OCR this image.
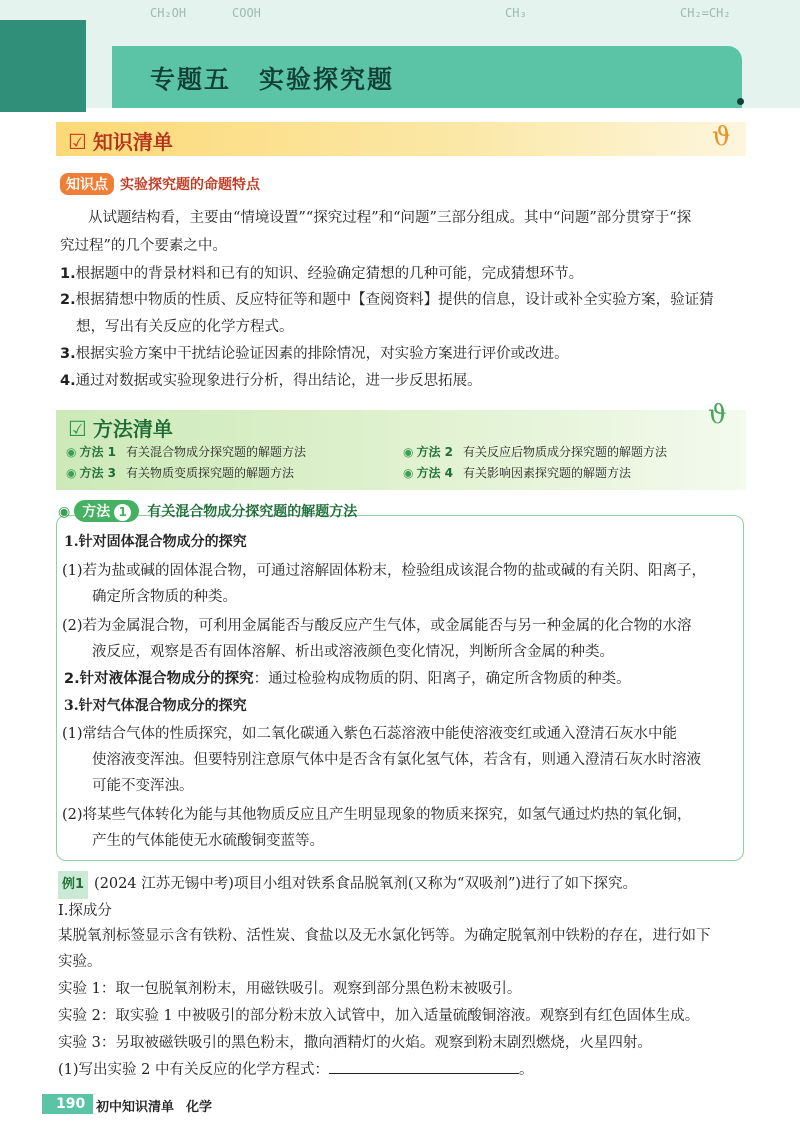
CH₂OH	COOH	CH₃	CH₂=CH₂
专题五 实验探究题
☑ 知识清单	ϑ
知识点 实验探究题的命题特点
从试题结构看，主要由“情境设置”“探究过程”和“问题”三部分组成。其中“问题”部分贯穿于“探
究过程”的几个要素之中。
1.根据题中的背景材料和已有的知识、经验确定猜想的几种可能，完成猜想环节。
2.根据猜想中物质的性质、反应特征等和题中【查阅资料】提供的信息，设计或补全实验方案，验证猜
想，写出有关反应的化学方程式。
3.根据实验方案中干扰结论验证因素的排除情况，对实验方案进行评价或改进。
4.通过对数据或实验现象进行分析，得出结论，进一步反思拓展。
☑ 方法清单	ϑ
◉ 方法 1 有关混合物成分探究题的解题方法	◉ 方法 2 有关反应后物质成分探究题的解题方法
◉ 方法 3 有关物质变质探究题的解题方法	◉ 方法 4 有关影响因素探究题的解题方法
◉ 方法 1 有关混合物成分探究题的解题方法
1.针对固体混合物成分的探究
(1)若为盐或碱的固体混合物，可通过溶解固体粉末，检验组成该混合物的盐或碱的有关阴、阳离子，
确定所含物质的种类。
(2)若为金属混合物，可利用金属能否与酸反应产生气体，或金属能否与另一种金属的化合物的水溶
液反应，观察是否有固体溶解、析出或溶液颜色变化情况，判断所含金属的种类。
2.针对液体混合物成分的探究：通过检验构成物质的阴、阳离子，确定所含物质的种类。
3.针对气体混合物成分的探究
(1)常结合气体的性质探究，如二氧化碳通入紫色石蕊溶液中能使溶液变红或通入澄清石灰水中能
使溶液变浑浊。但要特别注意原气体中是否含有氯化氢气体，若含有，则通入澄清石灰水时溶液
可能不变浑浊。
(2)将某些气体转化为能与其他物质反应且产生明显现象的物质来探究，如氢气通过灼热的氧化铜，
产生的气体能使无水硫酸铜变蓝等。
例1 (2024 江苏无锡中考)项目小组对铁系食品脱氧剂(又称为“双吸剂”)进行了如下探究。
Ⅰ.探成分
某脱氧剂标签显示含有铁粉、活性炭、食盐以及无水氯化钙等。为确定脱氧剂中铁粉的存在，进行如下
实验。
实验 1：取一包脱氧剂粉末，用磁铁吸引。观察到部分黑色粉末被吸引。
实验 2：取实验 1 中被吸引的部分粉末放入试管中，加入适量硫酸铜溶液。观察到有红色固体生成。
实验 3：另取被磁铁吸引的黑色粉末，撒向酒精灯的火焰。观察到粉末剧烈燃烧，火星四射。
(1)写出实验 2 中有关反应的化学方程式：	。
190 初中知识清单 化学
